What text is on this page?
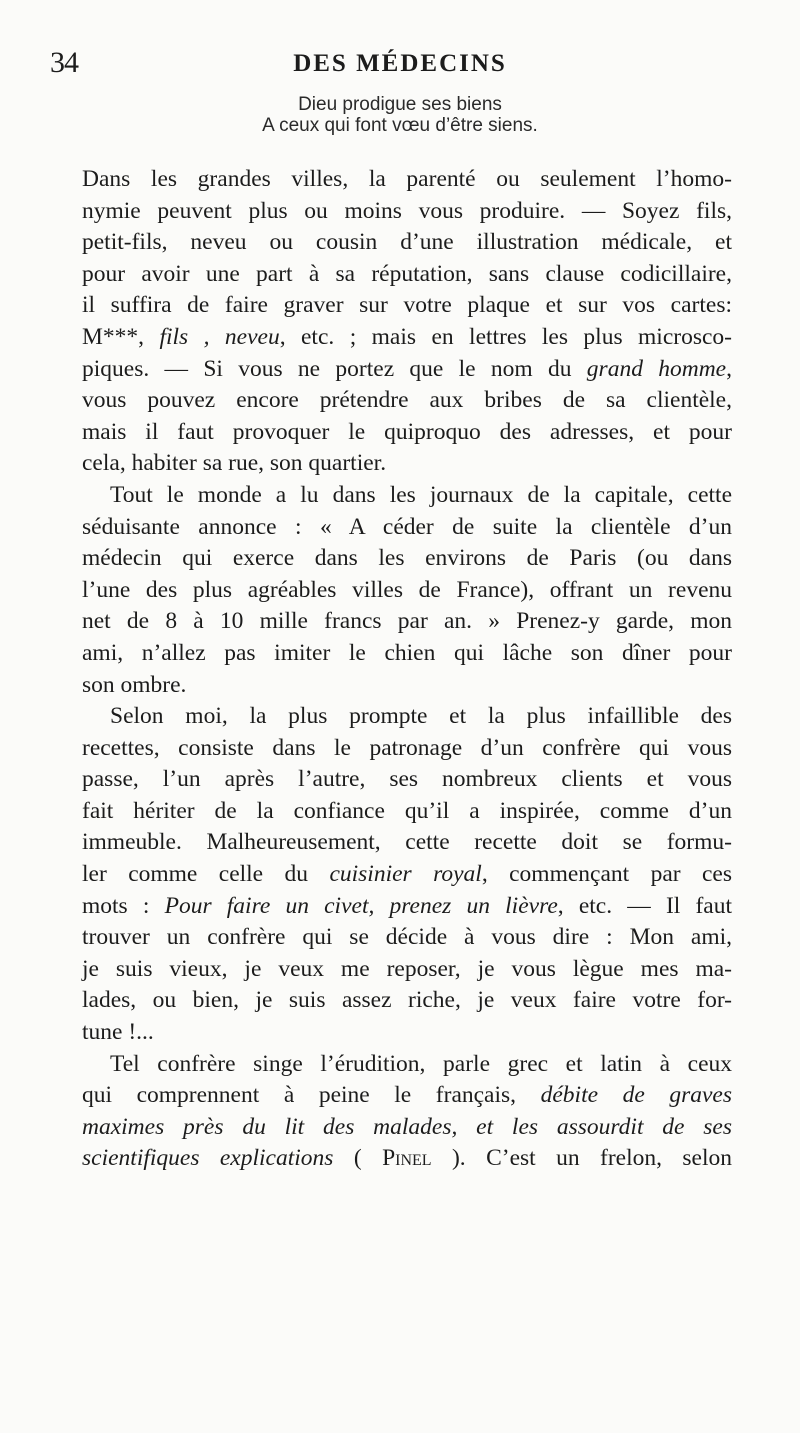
34	DES MÉDECINS
Dieu prodigue ses biens
A ceux qui font vœu d’être siens.
Dans les grandes villes, la parenté ou seulement l’homo-
nymie peuvent plus ou moins vous produire. — Soyez fils,
petit-fils, neveu ou cousin d’une illustration médicale, et
pour avoir une part à sa réputation, sans clause codicillaire,
il suffira de faire graver sur votre plaque et sur vos cartes:
M***, fils , neveu, etc. ; mais en lettres les plus microsco-
piques. — Si vous ne portez que le nom du grand homme,
vous pouvez encore prétendre aux bribes de sa clientèle,
mais il faut provoquer le quiproquo des adresses, et pour
cela, habiter sa rue, son quartier.
Tout le monde a lu dans les journaux de la capitale, cette
séduisante annonce : « A céder de suite la clientèle d’un
médecin qui exerce dans les environs de Paris (ou dans
l’une des plus agréables villes de France), offrant un revenu
net de 8 à 10 mille francs par an. » Prenez-y garde, mon
ami, n’allez pas imiter le chien qui lâche son dîner pour
son ombre.
Selon moi, la plus prompte et la plus infaillible des
recettes, consiste dans le patronage d’un confrère qui vous
passe, l’un après l’autre, ses nombreux clients et vous
fait hériter de la confiance qu’il a inspirée, comme d’un
immeuble. Malheureusement, cette recette doit se formu-
ler comme celle du cuisinier royal, commençant par ces
mots : Pour faire un civet, prenez un lièvre, etc. — Il faut
trouver un confrère qui se décide à vous dire : Mon ami,
je suis vieux, je veux me reposer, je vous lègue mes ma-
lades, ou bien, je suis assez riche, je veux faire votre for-
tune !...
Tel confrère singe l’érudition, parle grec et latin à ceux
qui comprennent à peine le français, débite de graves
maximes près du lit des malades, et les assourdit de ses
scientifiques explications ( Pinel ). C’est un frelon, selon
